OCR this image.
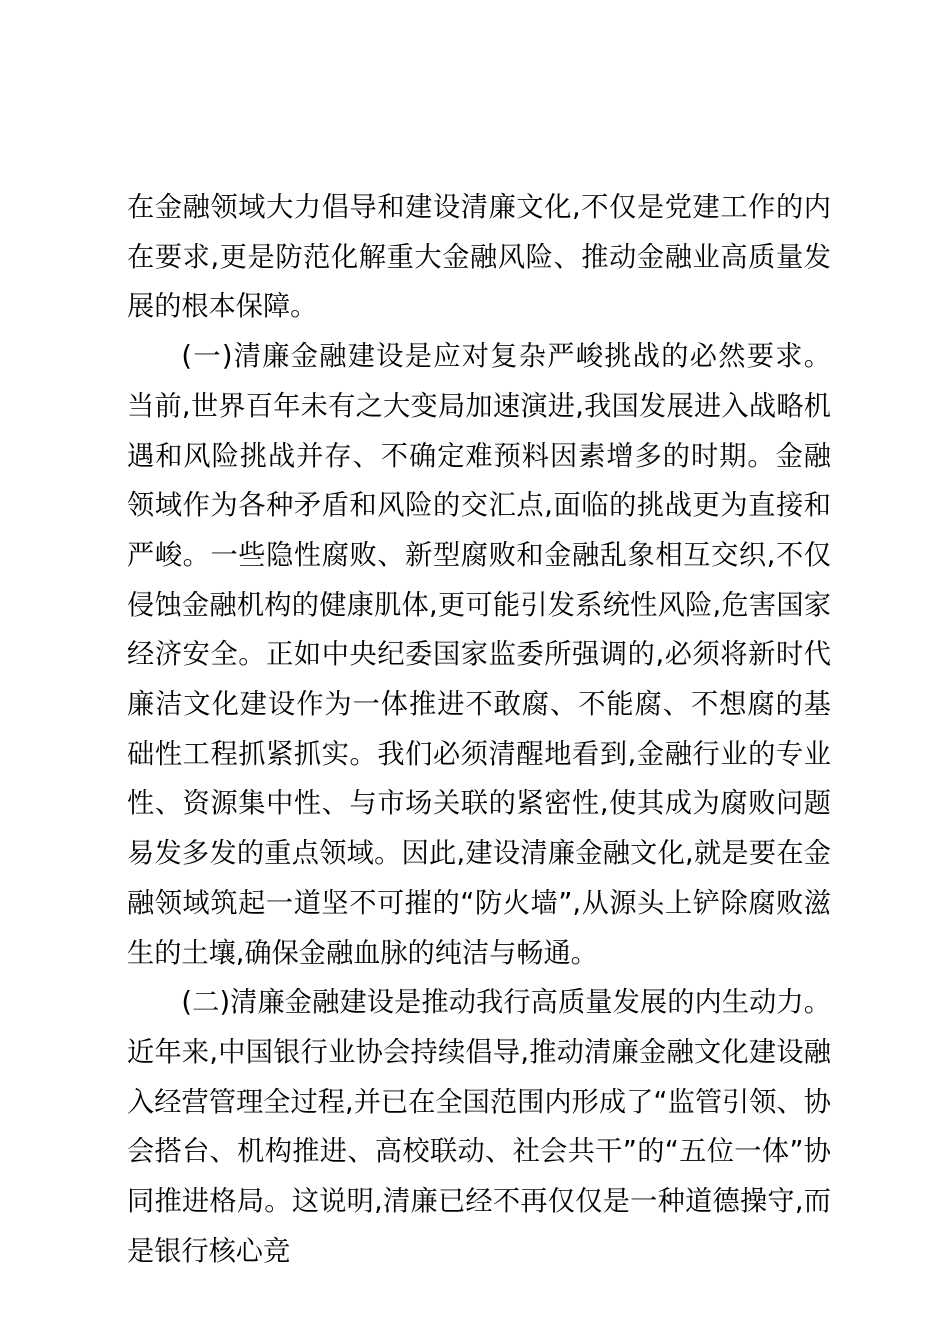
在金融领域大力倡导和建设清廉文化,不仅是党建工作的内在要求,更是防范化解重大金融风险、推动金融业高质量发展的根本保障。

(一)清廉金融建设是应对复杂严峻挑战的必然要求。 当前,世界百年未有之大变局加速演进,我国发展进入战略机遇和风险挑战并存、不确定难预料因素增多的时期。金融领域作为各种矛盾和风险的交汇点,面临的挑战更为直接和严峻。一些隐性腐败、新型腐败和金融乱象相互交织,不仅侵蚀金融机构的健康肌体,更可能引发系统性风险,危害国家经济安全。正如中央纪委国家监委所强调的,必须将新时代廉洁文化建设作为一体推进不敢腐、不能腐、不想腐的基础性工程抓紧抓实。我们必须清醒地看到,金融行业的专业性、资源集中性、与市场关联的紧密性,使其成为腐败问题易发多发的重点领域。因此,建设清廉金融文化,就是要在金融领域筑起一道坚不可摧的“防火墙”,从源头上铲除腐败滋生的土壤,确保金融血脉的纯洁与畅通。

(二)清廉金融建设是推动我行高质量发展的内生动力。 近年来,中国银行业协会持续倡导,推动清廉金融文化建设融入经营管理全过程,并已在全国范围内形成了“监管引领、协会搭台、机构推进、高校联动、社会共干”的“五位一体”协同推进格局。这说明,清廉已经不再仅仅是一种道德操守,而是银行核心竞
